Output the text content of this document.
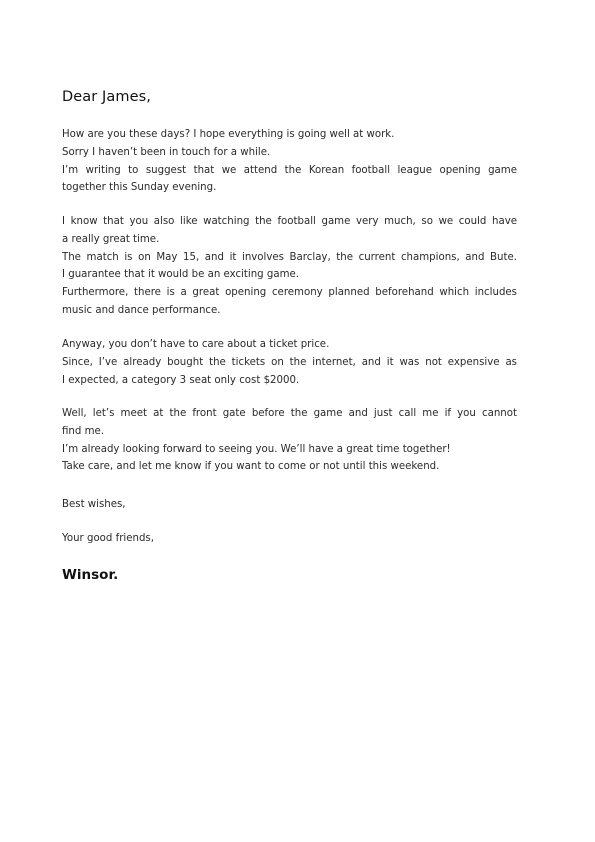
Dear James,
How are you these days? I hope everything is going well at work.
Sorry I haven’t been in touch for a while.
I’m writing to suggest that we attend the Korean football league opening game
together this Sunday evening.
I know that you also like watching the football game very much, so we could have
a really great time.
The match is on May 15, and it involves Barclay, the current champions, and Bute.
I guarantee that it would be an exciting game.
Furthermore, there is a great opening ceremony planned beforehand which includes
music and dance performance.
Anyway, you don’t have to care about a ticket price.
Since, I’ve already bought the tickets on the internet, and it was not expensive as
I expected, a category 3 seat only cost $2000.
Well, let’s meet at the front gate before the game and just call me if you cannot
find me.
I’m already looking forward to seeing you. We’ll have a great time together!
Take care, and let me know if you want to come or not until this weekend.
Best wishes,
Your good friends,
Winsor.
